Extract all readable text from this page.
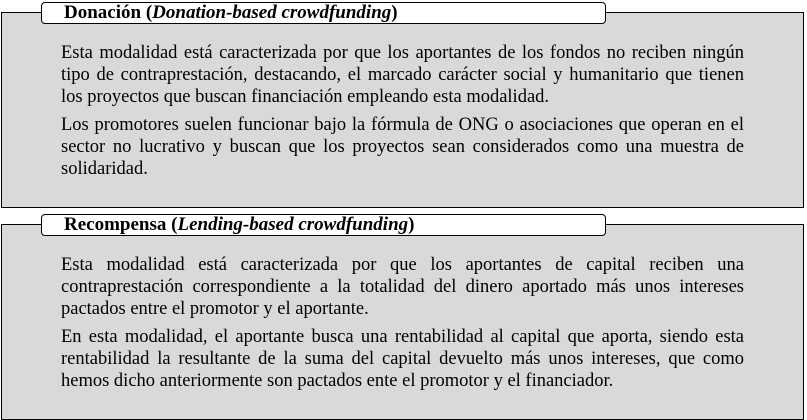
Donación (Donation-based crowdfunding)

Esta modalidad está caracterizada por que los aportantes de los fondos no reciben ningún tipo de contraprestación, destacando, el marcado carácter social y humanitario que tienen los proyectos que buscan financiación empleando esta modalidad.

Los promotores suelen funcionar bajo la fórmula de ONG o asociaciones que operan en el sector no lucrativo y buscan que los proyectos sean considerados como una muestra de solidaridad.

Recompensa (Lending-based crowdfunding)

Esta modalidad está caracterizada por que los aportantes de capital reciben una contraprestación correspondiente a la totalidad del dinero aportado más unos intereses pactados entre el promotor y el aportante.

En esta modalidad, el aportante busca una rentabilidad al capital que aporta, siendo esta rentabilidad la resultante de la suma del capital devuelto más unos intereses, que como hemos dicho anteriormente son pactados ente el promotor y el financiador.
